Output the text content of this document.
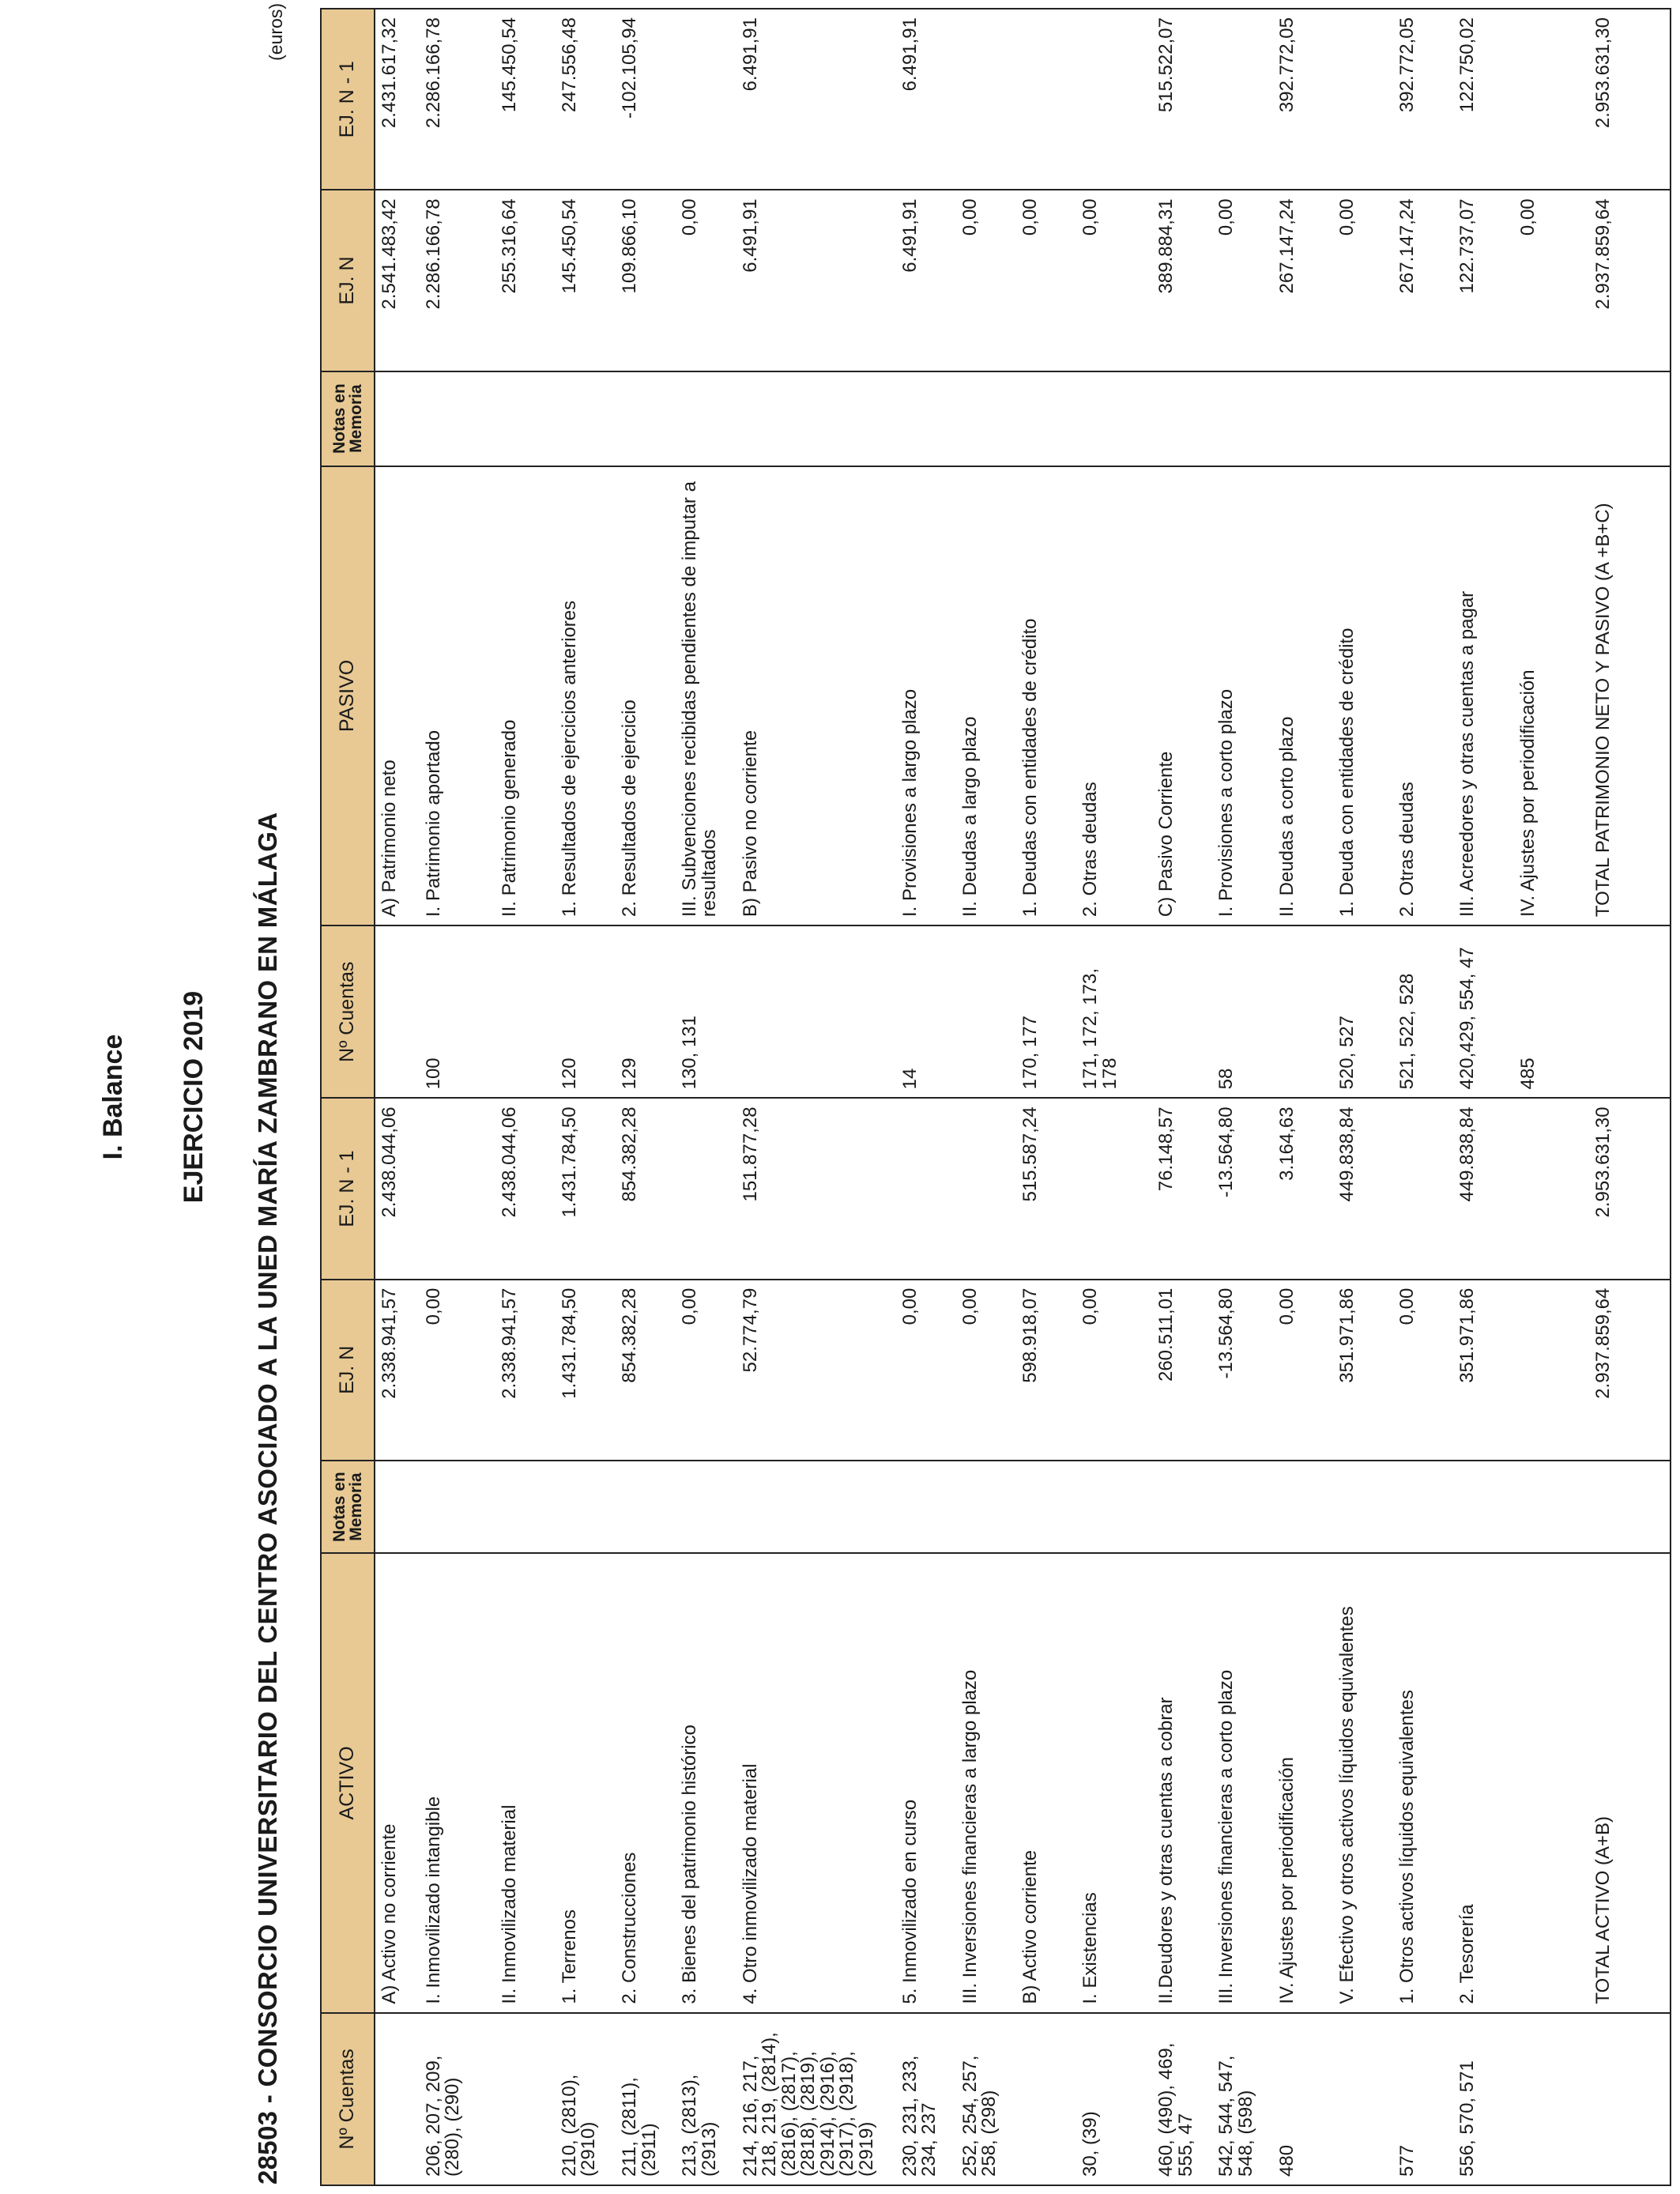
I. Balance EJERCICIO 2019 28503 - CONSORCIO UNIVERSITARIO DEL CENTRO ASOCIADO A LA UNED MARÍA ZAMBRANO EN MÁLAGA
(euros)
Nº Cuentas	ACTIVO	Notas en Memoria	EJ. N	EJ. N - 1	Nº Cuentas	PASIVO	Notas en Memoria	EJ. N	EJ. N - 1
	A) Activo no corriente		2.338.941,57	2.438.044,06		A) Patrimonio neto		2.541.483,42	2.431.617,32
206, 207, 209, (280), (290)	I. Inmovilizado intangible		0,00		100	I. Patrimonio aportado		2.286.166,78	2.286.166,78
	II. Inmovilizado material		2.338.941,57	2.438.044,06		II. Patrimonio generado		255.316,64	145.450,54
210, (2810), (2910)	1. Terrenos		1.431.784,50	1.431.784,50	120	1. Resultados de ejercicios anteriores		145.450,54	247.556,48
211, (2811), (2911)	2. Construcciones		854.382,28	854.382,28	129	2. Resultados de ejercicio		109.866,10	-102.105,94
213, (2813), (2913)	3. Bienes del patrimonio histórico		0,00		130, 131	III. Subvenciones recibidas pendientes de imputar a resultados		0,00	
214, 216, 217, 218, 219, (2814), (2816), (2817), (2818), (2819), (2914), (2916), (2917), (2918), (2919)	4. Otro inmovilizado material		52.774,79	151.877,28		B) Pasivo no corriente		6.491,91	6.491,91
230, 231, 233, 234, 237	5. Inmovilizado en curso		0,00		14	I. Provisiones a largo plazo		6.491,91	6.491,91
252, 254, 257, 258, (298)	III. Inversiones financieras a largo plazo		0,00			II. Deudas a largo plazo		0,00	
	B) Activo corriente		598.918,07	515.587,24	170, 177	1. Deudas con entidades de crédito		0,00	
30, (39)	I. Existencias		0,00		171, 172, 173, 178	2. Otras deudas		0,00	
460, (490), 469, 555, 47	II.Deudores y otras cuentas a cobrar		260.511,01	76.148,57		C) Pasivo Corriente		389.884,31	515.522,07
542, 544, 547, 548, (598)	III. Inversiones financieras a corto plazo		-13.564,80	-13.564,80	58	I. Provisiones a corto plazo		0,00	
480	IV. Ajustes por periodificación		0,00	3.164,63		II. Deudas a corto plazo		267.147,24	392.772,05
	V. Efectivo y otros activos líquidos equivalentes		351.971,86	449.838,84	520, 527	1. Deuda con entidades de crédito		0,00	
577	1. Otros activos líquidos equivalentes		0,00		521, 522, 528	2. Otras deudas		267.147,24	392.772,05
556, 570, 571	2. Tesorería		351.971,86	449.838,84	420,429, 554, 47	III. Acreedores y otras cuentas a pagar		122.737,07	122.750,02
					485	IV. Ajustes por periodificación		0,00	
	TOTAL ACTIVO (A+B)		2.937.859,64	2.953.631,30		TOTAL PATRIMONIO NETO Y PASIVO (A +B+C)		2.937.859,64	2.953.631,30
